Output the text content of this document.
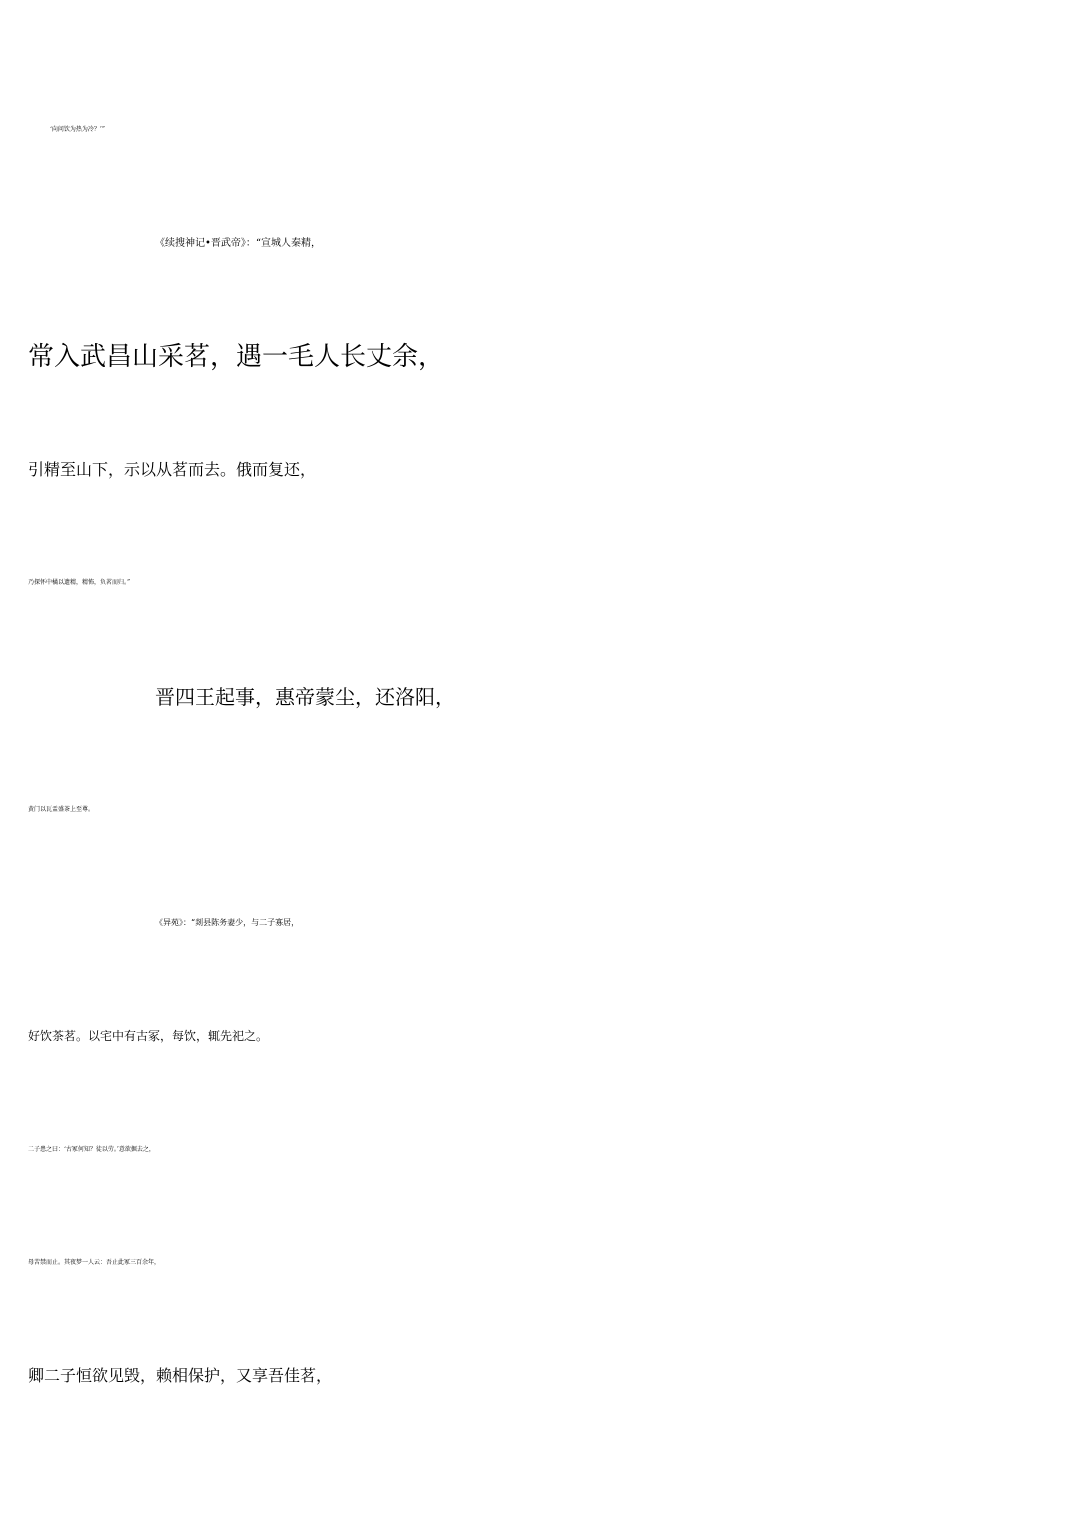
‘向问饮为热为冷？’”
《续搜神记•晋武帝》：“宣城人秦精，
常入武昌山采茗，遇一毛人长丈余，
引精至山下，示以从茗而去。俄而复还，
乃探怀中橘以遗精，精怖，负茗而归。”
晋四王起事，惠帝蒙尘，还洛阳，
黄门以瓦盂盛茶上至尊。
《异苑》：“剡县陈务妻少，与二子寡居，
好饮茶茗。以宅中有古冢，每饮，辄先祀之。
二子患之曰：‘古冢何知？徒以劳。’意欲掘去之，
母苦禁而止。其夜梦一人云：吾止此冢三百余年，
卿二子恒欲见毁，赖相保护，又享吾佳茗，
